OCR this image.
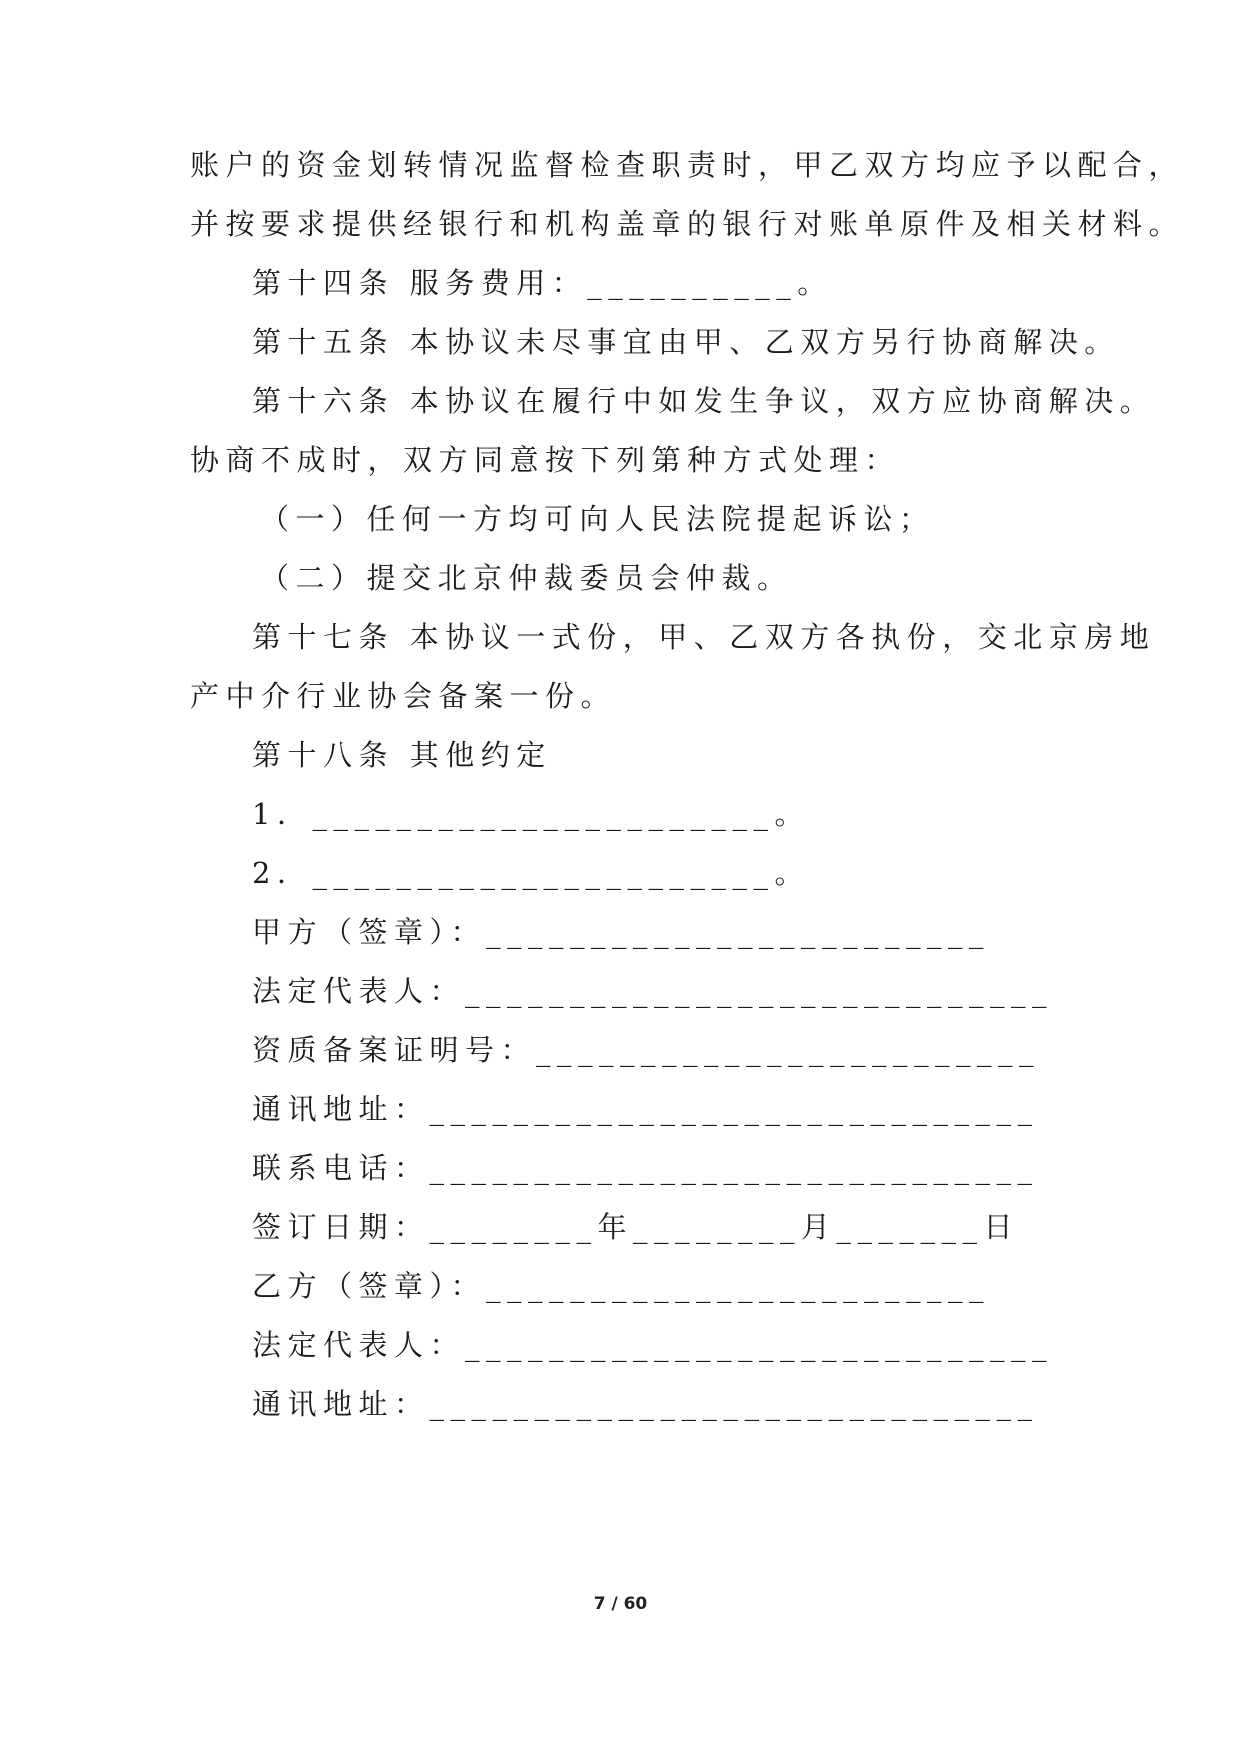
账户的资金划转情况监督检查职责时，甲乙双方均应予以配合，
并按要求提供经银行和机构盖章的银行对账单原件及相关材料。
第十四条 服务费用：__________。
第十五条 本协议未尽事宜由甲、乙双方另行协商解决。
第十六条 本协议在履行中如发生争议，双方应协商解决。
协商不成时，双方同意按下列第种方式处理：
（一）任何一方均可向人民法院提起诉讼；
（二）提交北京仲裁委员会仲裁。
第十七条 本协议一式份，甲、乙双方各执份，交北京房地
产中介行业协会备案一份。
第十八条 其他约定
1．______________________。
2．______________________。
甲方（签章）：________________________
法定代表人：____________________________
资质备案证明号：________________________
通讯地址：_____________________________
联系电话：_____________________________
签订日期：________年________月_______日
乙方（签章）：________________________
法定代表人：____________________________
通讯地址：_____________________________
7 / 60
